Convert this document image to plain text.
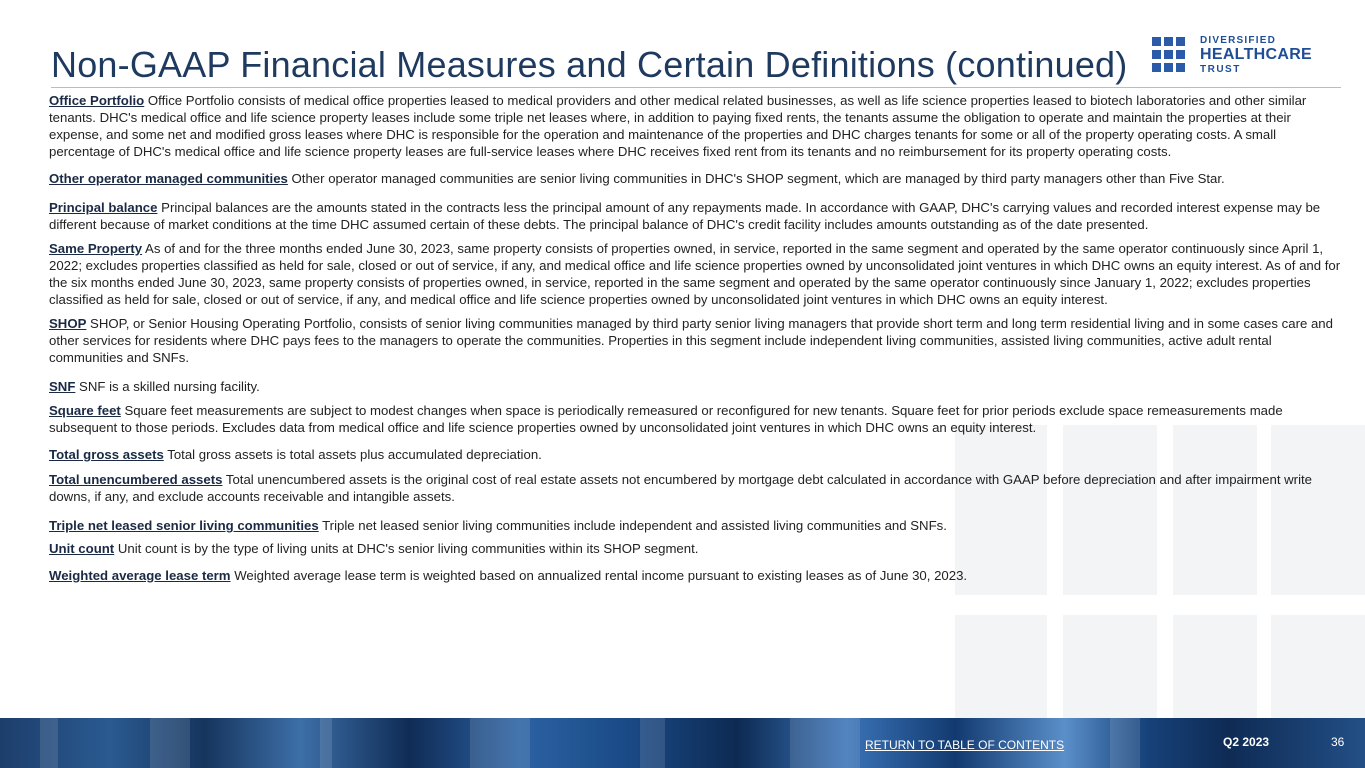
Non-GAAP Financial Measures and Certain Definitions (continued)
DIVERSIFIED
HEALTHCARE
TRUST

Office Portfolio Office Portfolio consists of medical office properties leased to medical providers and other medical related businesses, as well as life science properties leased to biotech laboratories and other similar tenants. DHC's medical office and life science property leases include some triple net leases where, in addition to paying fixed rents, the tenants assume the obligation to operate and maintain the properties at their expense, and some net and modified gross leases where DHC is responsible for the operation and maintenance of the properties and DHC charges tenants for some or all of the property operating costs. A small percentage of DHC's medical office and life science property leases are full-service leases where DHC receives fixed rent from its tenants and no reimbursement for its property operating costs.

Other operator managed communities Other operator managed communities are senior living communities in DHC's SHOP segment, which are managed by third party managers other than Five Star.

Principal balance Principal balances are the amounts stated in the contracts less the principal amount of any repayments made. In accordance with GAAP, DHC's carrying values and recorded interest expense may be different because of market conditions at the time DHC assumed certain of these debts. The principal balance of DHC's credit facility includes amounts outstanding as of the date presented.

Same Property As of and for the three months ended June 30, 2023, same property consists of properties owned, in service, reported in the same segment and operated by the same operator continuously since April 1, 2022; excludes properties classified as held for sale, closed or out of service, if any, and medical office and life science properties owned by unconsolidated joint ventures in which DHC owns an equity interest. As of and for the six months ended June 30, 2023, same property consists of properties owned, in service, reported in the same segment and operated by the same operator continuously since January 1, 2022; excludes properties classified as held for sale, closed or out of service, if any, and medical office and life science properties owned by unconsolidated joint ventures in which DHC owns an equity interest.

SHOP SHOP, or Senior Housing Operating Portfolio, consists of senior living communities managed by third party senior living managers that provide short term and long term residential living and in some cases care and other services for residents where DHC pays fees to the managers to operate the communities. Properties in this segment include independent living communities, assisted living communities, active adult rental communities and SNFs.

SNF SNF is a skilled nursing facility.

Square feet Square feet measurements are subject to modest changes when space is periodically remeasured or reconfigured for new tenants. Square feet for prior periods exclude space remeasurements made subsequent to those periods. Excludes data from medical office and life science properties owned by unconsolidated joint ventures in which DHC owns an equity interest.

Total gross assets Total gross assets is total assets plus accumulated depreciation.

Total unencumbered assets Total unencumbered assets is the original cost of real estate assets not encumbered by mortgage debt calculated in accordance with GAAP before depreciation and after impairment write downs, if any, and exclude accounts receivable and intangible assets.

Triple net leased senior living communities Triple net leased senior living communities include independent and assisted living communities and SNFs.

Unit count Unit count is by the type of living units at DHC's senior living communities within its SHOP segment.

Weighted average lease term Weighted average lease term is weighted based on annualized rental income pursuant to existing leases as of June 30, 2023.

RETURN TO TABLE OF CONTENTS	Q2 2023	36
